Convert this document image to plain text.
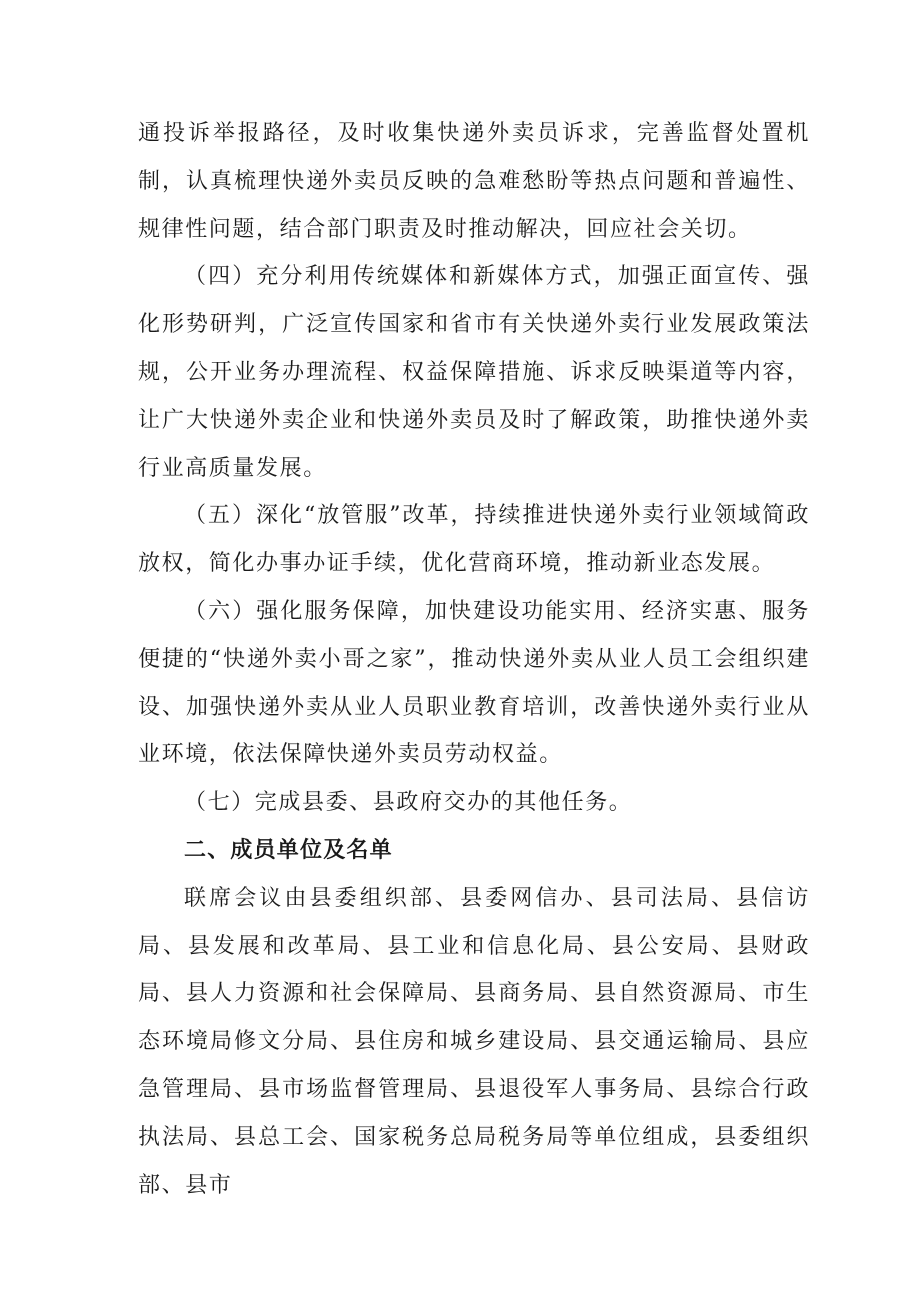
通投诉举报路径，及时收集快递外卖员诉求，完善监督处置机制，认真梳理快递外卖员反映的急难愁盼等热点问题和普遍性、规律性问题，结合部门职责及时推动解决，回应社会关切。

（四）充分利用传统媒体和新媒体方式，加强正面宣传、强化形势研判，广泛宣传国家和省市有关快递外卖行业发展政策法规，公开业务办理流程、权益保障措施、诉求反映渠道等内容，让广大快递外卖企业和快递外卖员及时了解政策，助推快递外卖行业高质量发展。

（五）深化“放管服”改革，持续推进快递外卖行业领域简政放权，简化办事办证手续，优化营商环境，推动新业态发展。

（六）强化服务保障，加快建设功能实用、经济实惠、服务便捷的“快递外卖小哥之家”，推动快递外卖从业人员工会组织建设、加强快递外卖从业人员职业教育培训，改善快递外卖行业从业环境，依法保障快递外卖员劳动权益。

（七）完成县委、县政府交办的其他任务。

二、成员单位及名单

联席会议由县委组织部、县委网信办、县司法局、县信访局、县发展和改革局、县工业和信息化局、县公安局、县财政局、县人力资源和社会保障局、县商务局、县自然资源局、市生态环境局修文分局、县住房和城乡建设局、县交通运输局、县应急管理局、县市场监督管理局、县退役军人事务局、县综合行政执法局、县总工会、国家税务总局税务局等单位组成，县委组织部、县市
